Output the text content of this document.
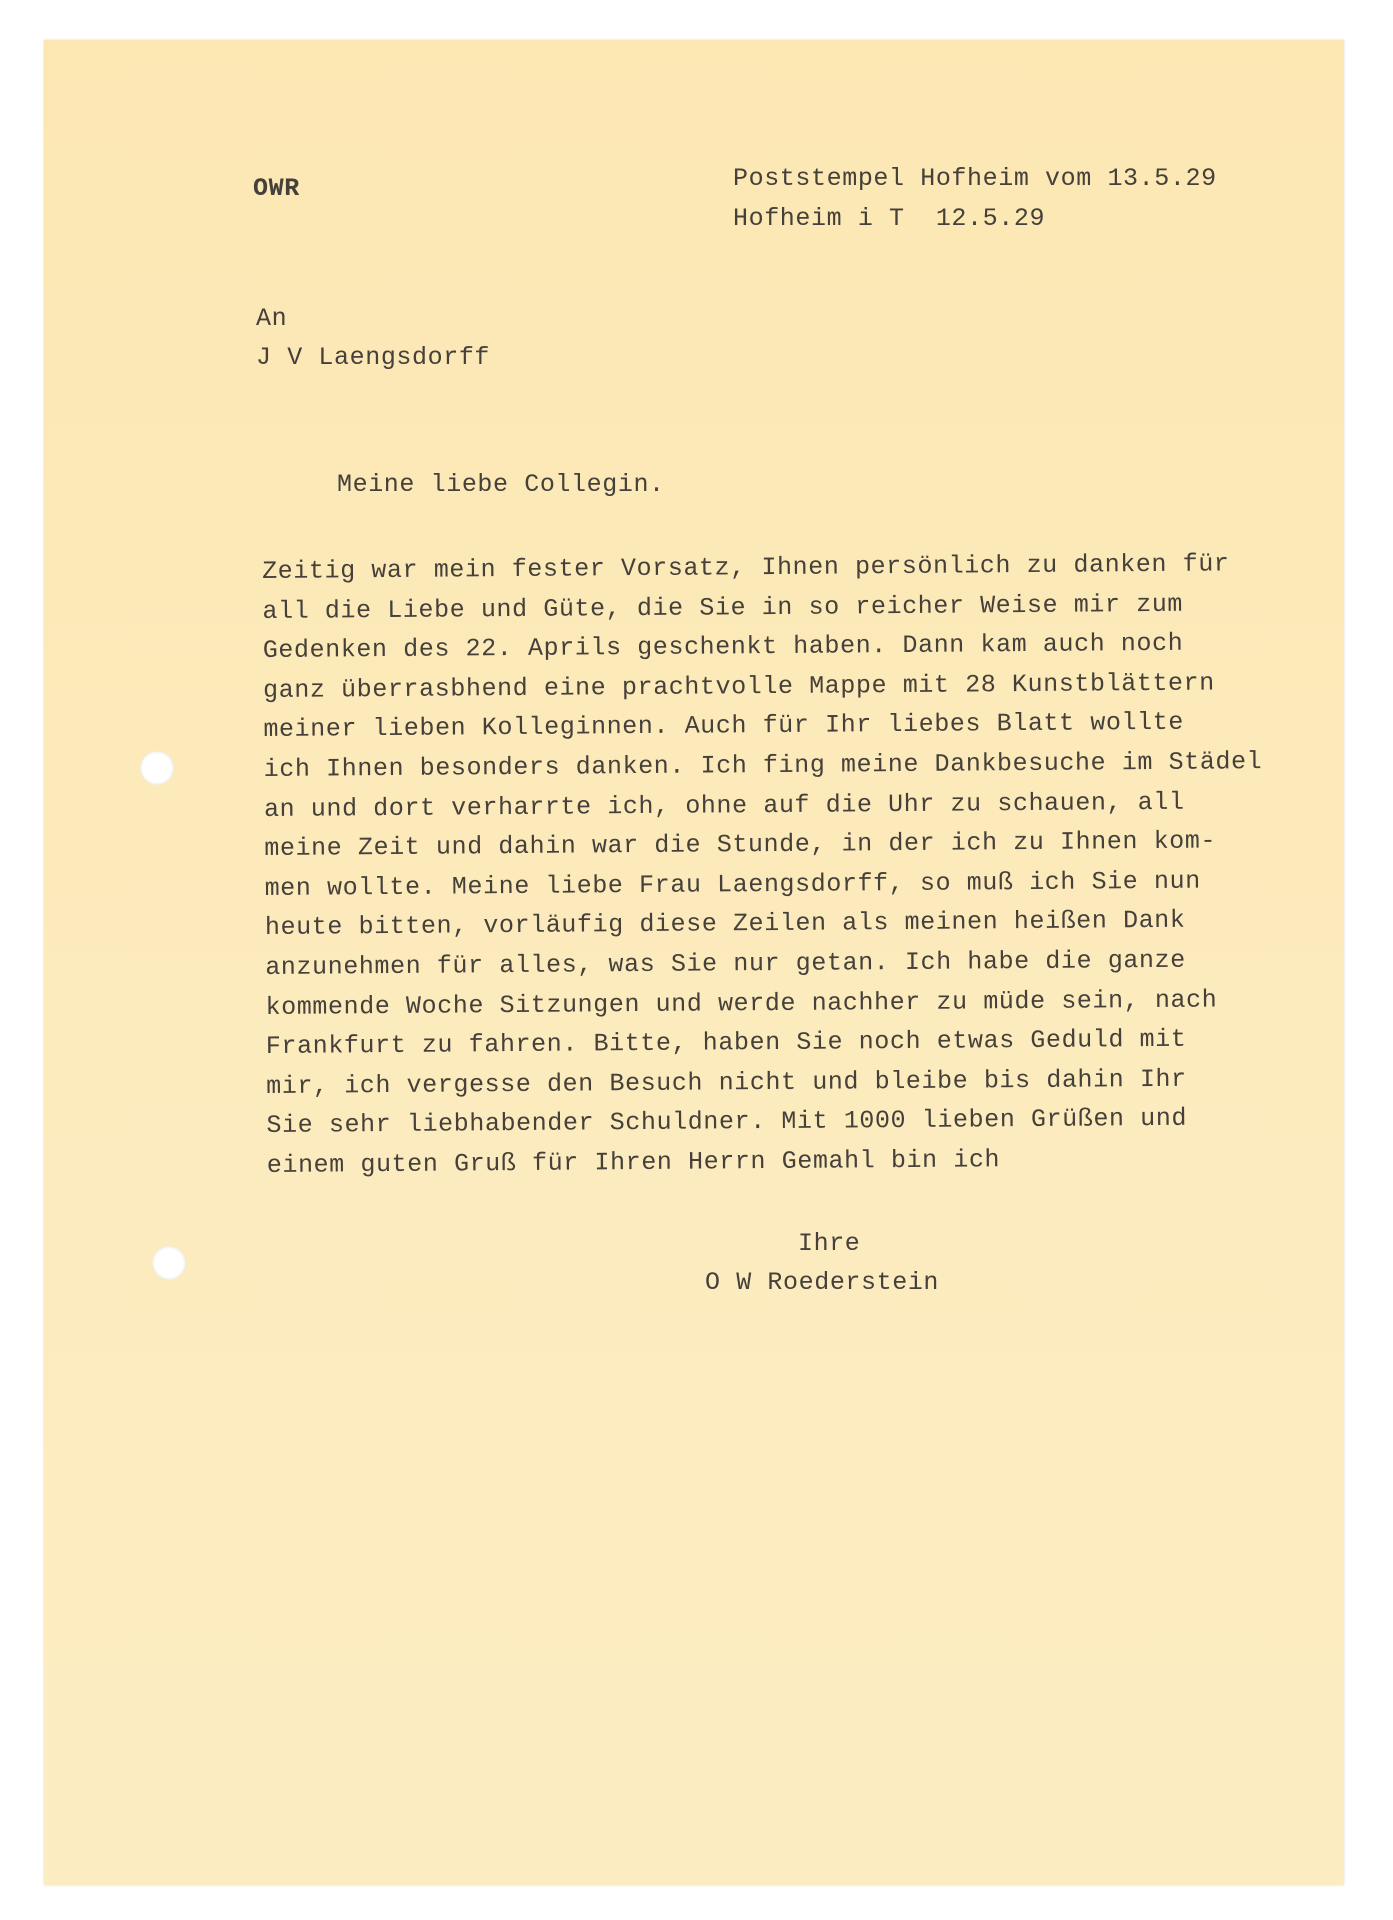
OWR	Poststempel Hofheim vom 13.5.29

Hofheim i T  12.5.29

An

J V Laengsdorff

Meine liebe Collegin.

Zeitig war mein fester Vorsatz, Ihnen persönlich zu danken für
all die Liebe und Güte, die Sie in so reicher Weise mir zum
Gedenken des 22. Aprils geschenkt haben. Dann kam auch noch
ganz überrasbhend eine prachtvolle Mappe mit 28 Kunstblättern
meiner lieben Kolleginnen. Auch für Ihr liebes Blatt wollte
ich Ihnen besonders danken. Ich fing meine Dankbesuche im Städel
an und dort verharrte ich, ohne auf die Uhr zu schauen, all
meine Zeit und dahin war die Stunde, in der ich zu Ihnen kom-
men wollte. Meine liebe Frau Laengsdorff, so muß ich Sie nun
heute bitten, vorläufig diese Zeilen als meinen heißen Dank
anzunehmen für alles, was Sie nur getan. Ich habe die ganze
kommende Woche Sitzungen und werde nachher zu müde sein, nach
Frankfurt zu fahren. Bitte, haben Sie noch etwas Geduld mit
mir, ich vergesse den Besuch nicht und bleibe bis dahin Ihr
Sie sehr liebhabender Schuldner. Mit 1000 lieben Grüßen und
einem guten Gruß für Ihren Herrn Gemahl bin ich

Ihre

O W Roederstein
